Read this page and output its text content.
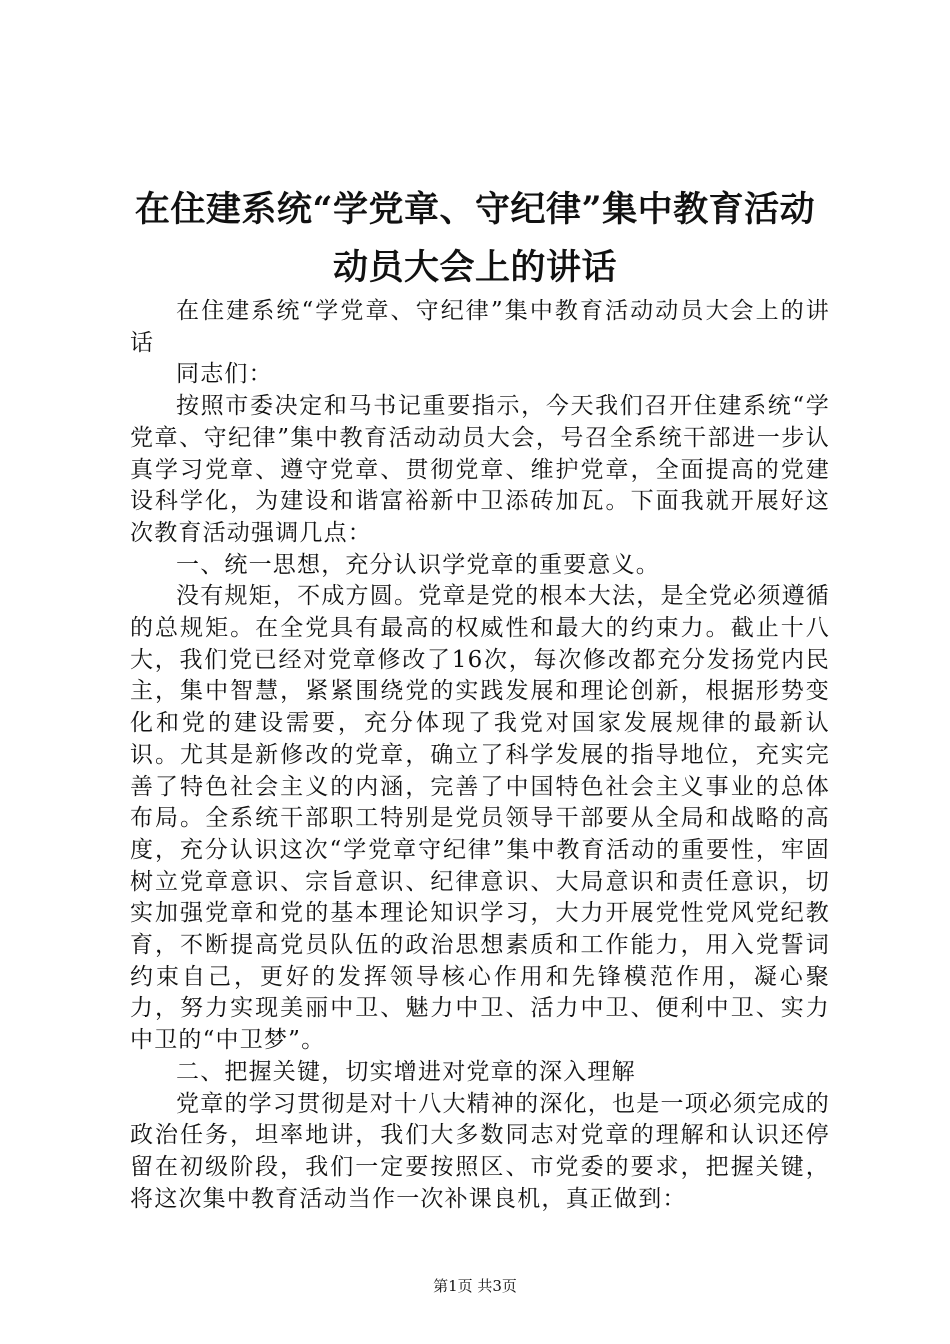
在住建系统“学党章、守纪律”集中教育活动
动员大会上的讲话

在住建系统“学党章、守纪律”集中教育活动动员大会上的讲话

同志们：

按照市委决定和马书记重要指示，今天我们召开住建系统“学党章、守纪律”集中教育活动动员大会，号召全系统干部进一步认真学习党章、遵守党章、贯彻党章、维护党章，全面提高的党建设科学化，为建设和谐富裕新中卫添砖加瓦。下面我就开展好这次教育活动强调几点：

一、统一思想，充分认识学党章的重要意义。

没有规矩，不成方圆。党章是党的根本大法，是全党必须遵循的总规矩。在全党具有最高的权威性和最大的约束力。截止十八大，我们党已经对党章修改了16次，每次修改都充分发扬党内民主，集中智慧，紧紧围绕党的实践发展和理论创新，根据形势变化和党的建设需要，充分体现了我党对国家发展规律的最新认识。尤其是新修改的党章，确立了科学发展的指导地位，充实完善了特色社会主义的内涵，完善了中国特色社会主义事业的总体布局。全系统干部职工特别是党员领导干部要从全局和战略的高度，充分认识这次“学党章守纪律”集中教育活动的重要性，牢固树立党章意识、宗旨意识、纪律意识、大局意识和责任意识，切实加强党章和党的基本理论知识学习，大力开展党性党风党纪教育，不断提高党员队伍的政治思想素质和工作能力，用入党誓词约束自己，更好的发挥领导核心作用和先锋模范作用，凝心聚力，努力实现美丽中卫、魅力中卫、活力中卫、便利中卫、实力中卫的“中卫梦”。

二、把握关键，切实增进对党章的深入理解

党章的学习贯彻是对十八大精神的深化，也是一项必须完成的政治任务，坦率地讲，我们大多数同志对党章的理解和认识还停留在初级阶段，我们一定要按照区、市党委的要求，把握关键，将这次集中教育活动当作一次补课良机，真正做到：

第1页 共3页
